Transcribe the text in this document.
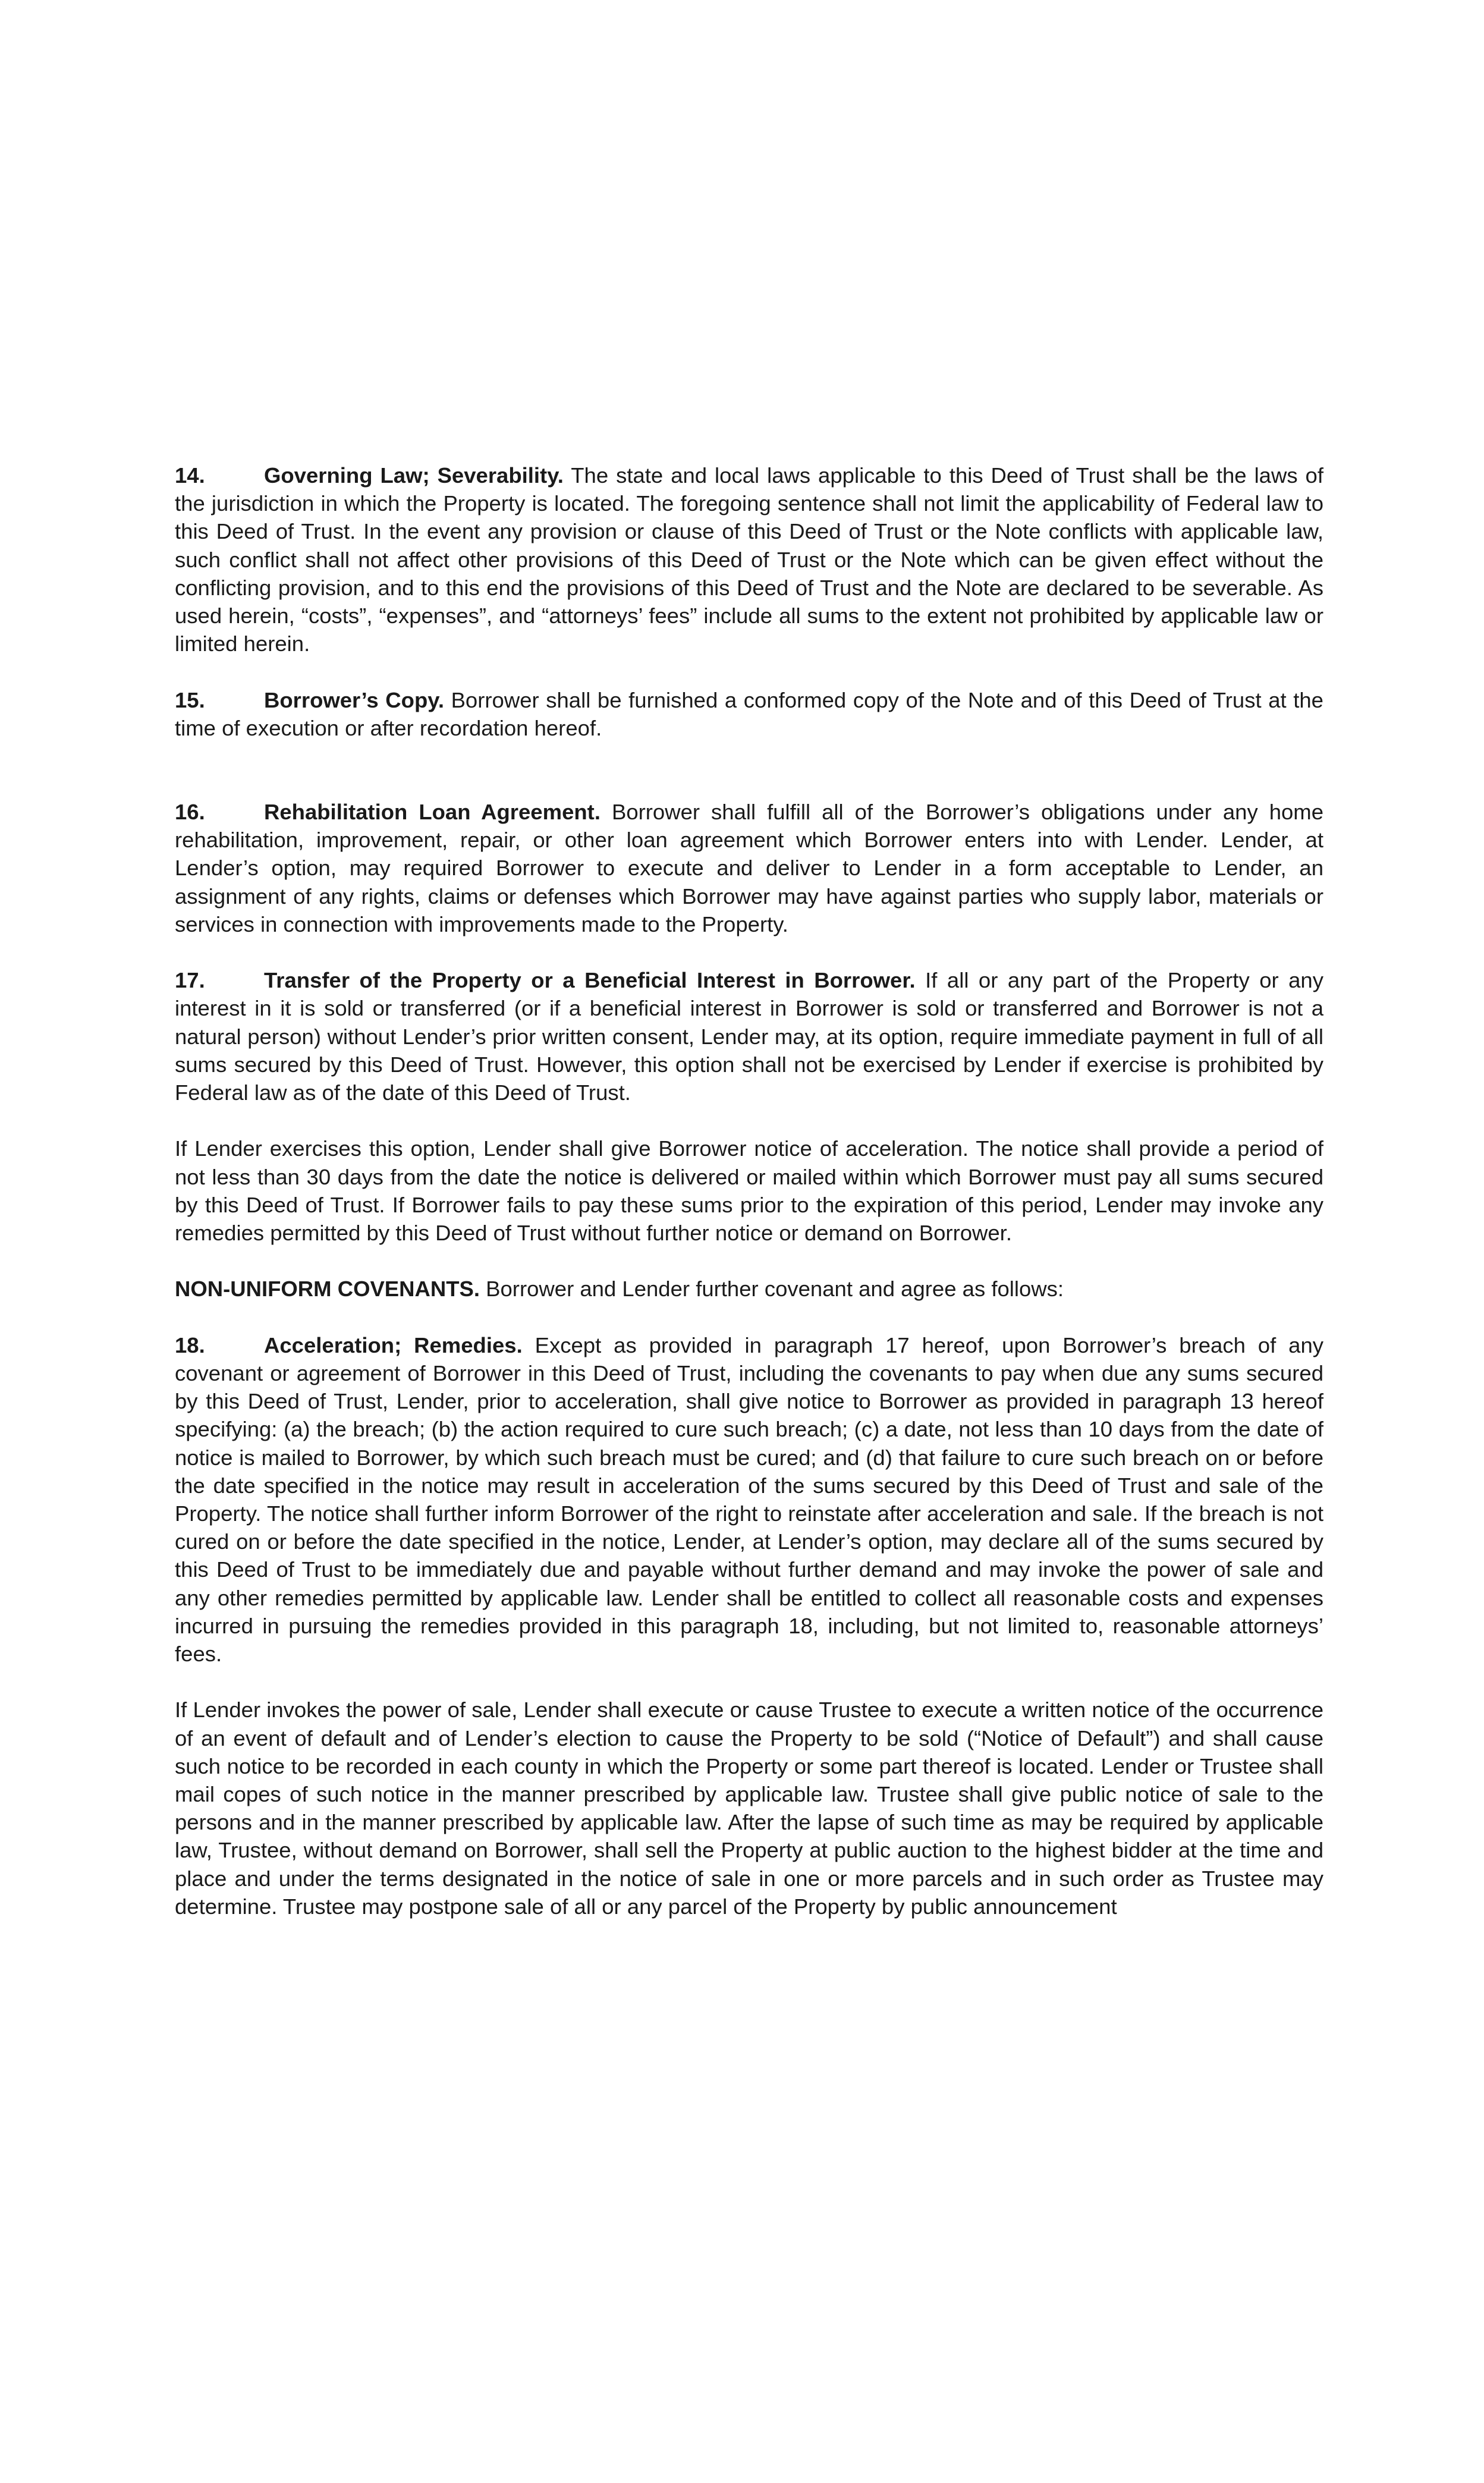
14.	Governing Law; Severability. The state and local laws applicable to this Deed of Trust shall be the laws of the jurisdiction in which the Property is located. The foregoing sentence shall not limit the applicability of Federal law to this Deed of Trust. In the event any provision or clause of this Deed of Trust or the Note conflicts with applicable law, such conflict shall not affect other provisions of this Deed of Trust or the Note which can be given effect without the conflicting provision, and to this end the provisions of this Deed of Trust and the Note are declared to be severable. As used herein, “costs”, “expenses”, and “attorneys’ fees” include all sums to the extent not prohibited by applicable law or limited herein.

15.	Borrower’s Copy. Borrower shall be furnished a conformed copy of the Note and of this Deed of Trust at the time of execution or after recordation hereof.

16.	Rehabilitation Loan Agreement. Borrower shall fulfill all of the Borrower’s obligations under any home rehabilitation, improvement, repair, or other loan agreement which Borrower enters into with Lender. Lender, at Lender’s option, may required Borrower to execute and deliver to Lender in a form acceptable to Lender, an assignment of any rights, claims or defenses which Borrower may have against parties who supply labor, materials or services in connection with improvements made to the Property.

17.	Transfer of the Property or a Beneficial Interest in Borrower. If all or any part of the Property or any interest in it is sold or transferred (or if a beneficial interest in Borrower is sold or transferred and Borrower is not a natural person) without Lender’s prior written consent, Lender may, at its option, require immediate payment in full of all sums secured by this Deed of Trust. However, this option shall not be exercised by Lender if exercise is prohibited by Federal law as of the date of this Deed of Trust.

If Lender exercises this option, Lender shall give Borrower notice of acceleration. The notice shall provide a period of not less than 30 days from the date the notice is delivered or mailed within which Borrower must pay all sums secured by this Deed of Trust. If Borrower fails to pay these sums prior to the expiration of this period, Lender may invoke any remedies permitted by this Deed of Trust without further notice or demand on Borrower.

NON-UNIFORM COVENANTS. Borrower and Lender further covenant and agree as follows:

18.	Acceleration; Remedies. Except as provided in paragraph 17 hereof, upon Borrower’s breach of any covenant or agreement of Borrower in this Deed of Trust, including the covenants to pay when due any sums secured by this Deed of Trust, Lender, prior to acceleration, shall give notice to Borrower as provided in paragraph 13 hereof specifying: (a) the breach; (b) the action required to cure such breach; (c) a date, not less than 10 days from the date of notice is mailed to Borrower, by which such breach must be cured; and (d) that failure to cure such breach on or before the date specified in the notice may result in acceleration of the sums secured by this Deed of Trust and sale of the Property. The notice shall further inform Borrower of the right to reinstate after acceleration and sale. If the breach is not cured on or before the date specified in the notice, Lender, at Lender’s option, may declare all of the sums secured by this Deed of Trust to be immediately due and payable without further demand and may invoke the power of sale and any other remedies permitted by applicable law. Lender shall be entitled to collect all reasonable costs and expenses incurred in pursuing the remedies provided in this paragraph 18, including, but not limited to, reasonable attorneys’ fees.

If Lender invokes the power of sale, Lender shall execute or cause Trustee to execute a written notice of the occurrence of an event of default and of Lender’s election to cause the Property to be sold (“Notice of Default”) and shall cause such notice to be recorded in each county in which the Property or some part thereof is located. Lender or Trustee shall mail copes of such notice in the manner prescribed by applicable law. Trustee shall give public notice of sale to the persons and in the manner prescribed by applicable law. After the lapse of such time as may be required by applicable law, Trustee, without demand on Borrower, shall sell the Property at public auction to the highest bidder at the time and place and under the terms designated in the notice of sale in one or more parcels and in such order as Trustee may determine. Trustee may postpone sale of all or any parcel of the Property by public announcement
